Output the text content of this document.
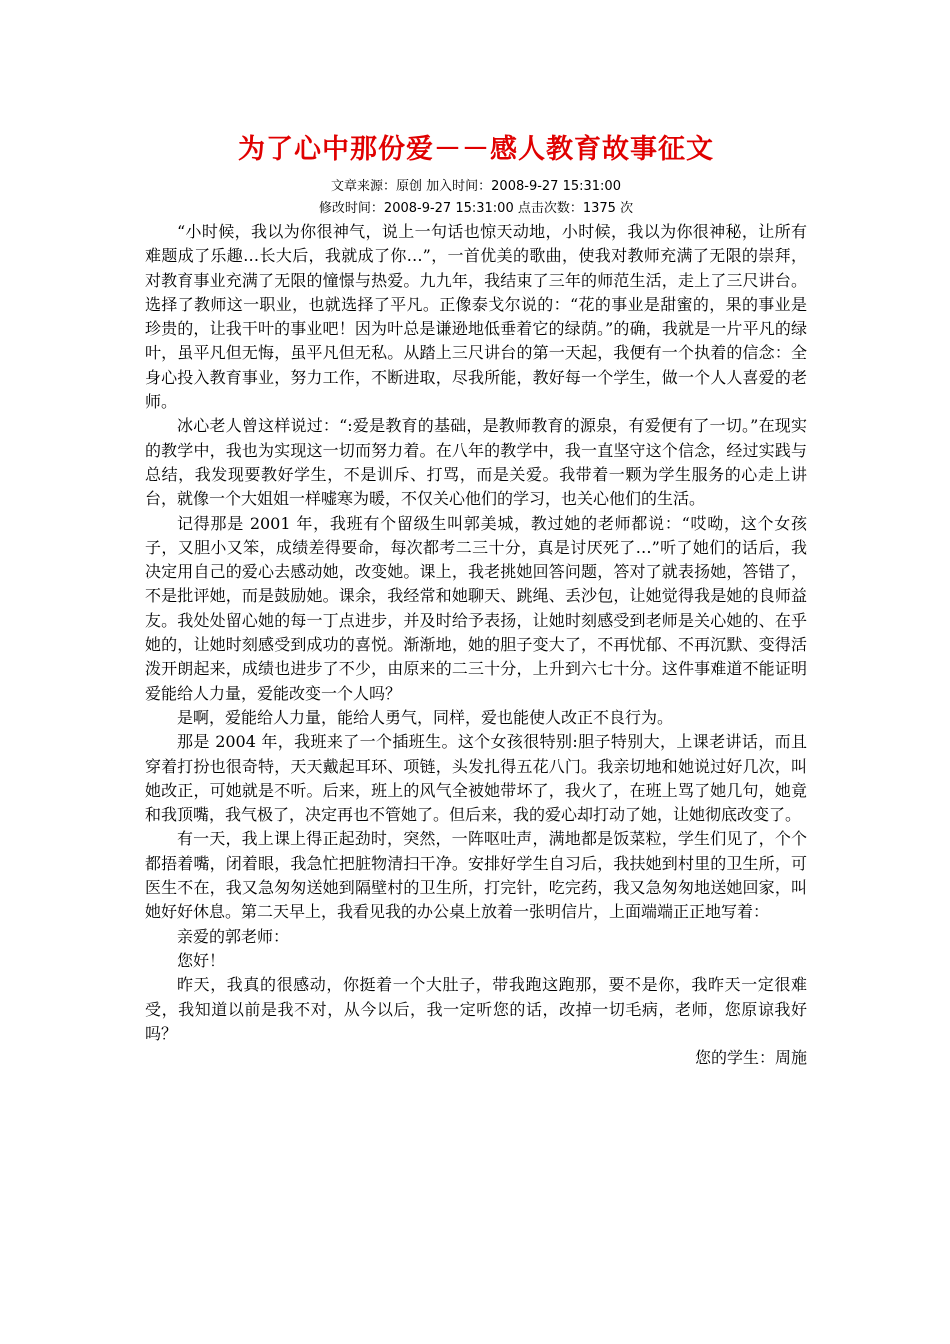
为了心中那份爱－－感人教育故事征文
文章来源：原创 加入时间：2008-9-27 15:31:00
修改时间：2008-9-27 15:31:00 点击次数：1375 次

“小时候，我以为你很神气，说上一句话也惊天动地，小时候，我以为你很神秘，让所有难题成了乐趣…长大后，我就成了你…”，一首优美的歌曲，使我对教师充满了无限的崇拜，对教育事业充满了无限的憧憬与热爱。九九年，我结束了三年的师范生活，走上了三尺讲台。选择了教师这一职业，也就选择了平凡。正像泰戈尔说的：“花的事业是甜蜜的，果的事业是珍贵的，让我干叶的事业吧！因为叶总是谦逊地低垂着它的绿荫。”的确，我就是一片平凡的绿叶，虽平凡但无悔，虽平凡但无私。从踏上三尺讲台的第一天起，我便有一个执着的信念：全身心投入教育事业，努力工作，不断进取，尽我所能，教好每一个学生，做一个人人喜爱的老师。

冰心老人曾这样说过：“:爱是教育的基础，是教师教育的源泉，有爱便有了一切。”在现实的教学中，我也为实现这一切而努力着。在八年的教学中，我一直坚守这个信念，经过实践与总结，我发现要教好学生，不是训斥、打骂，而是关爱。我带着一颗为学生服务的心走上讲台，就像一个大姐姐一样嘘寒为暖，不仅关心他们的学习，也关心他们的生活。

记得那是 2001 年，我班有个留级生叫郭美城，教过她的老师都说：“哎呦，这个女孩子，又胆小又笨，成绩差得要命，每次都考二三十分，真是讨厌死了…”听了她们的话后，我决定用自己的爱心去感动她，改变她。课上，我老挑她回答问题，答对了就表扬她，答错了，不是批评她，而是鼓励她。课余，我经常和她聊天、跳绳、丢沙包，让她觉得我是她的良师益友。我处处留心她的每一丁点进步，并及时给予表扬，让她时刻感受到老师是关心她的、在乎她的，让她时刻感受到成功的喜悦。渐渐地，她的胆子变大了，不再忧郁、不再沉默、变得活泼开朗起来，成绩也进步了不少，由原来的二三十分，上升到六七十分。这件事难道不能证明爱能给人力量，爱能改变一个人吗？

是啊，爱能给人力量，能给人勇气，同样，爱也能使人改正不良行为。

那是 2004 年，我班来了一个插班生。这个女孩很特别:胆子特别大，上课老讲话，而且穿着打扮也很奇特，天天戴起耳环、项链，头发扎得五花八门。我亲切地和她说过好几次，叫她改正，可她就是不听。后来，班上的风气全被她带坏了，我火了，在班上骂了她几句，她竟和我顶嘴，我气极了，决定再也不管她了。但后来，我的爱心却打动了她，让她彻底改变了。

有一天，我上课上得正起劲时，突然，一阵呕吐声，满地都是饭菜粒，学生们见了，个个都捂着嘴，闭着眼，我急忙把脏物清扫干净。安排好学生自习后，我扶她到村里的卫生所，可医生不在，我又急匆匆送她到隔壁村的卫生所，打完针，吃完药，我又急匆匆地送她回家，叫她好好休息。第二天早上，我看见我的办公桌上放着一张明信片，上面端端正正地写着：

亲爱的郭老师：

您好！

昨天，我真的很感动，你挺着一个大肚子，带我跑这跑那，要不是你，我昨天一定很难受，我知道以前是我不对，从今以后，我一定听您的话，改掉一切毛病，老师，您原谅我好吗？

您的学生：周施
